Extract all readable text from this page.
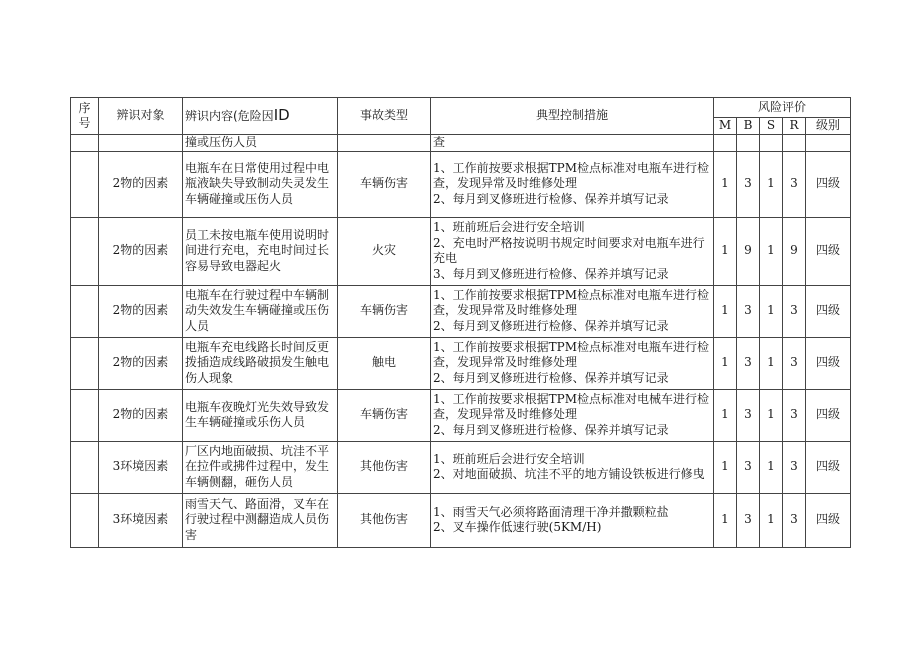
序号	辨识对象	辨识内容(危险因ID	事故类型	典型控制措施	风险评价				
					M	B	S	R	级别
		撞或压伤人员		查					
	2物的因素	电瓶车在日常使用过程中电瓶液缺失导致制动失灵发生车辆碰撞或压伤人员	车辆伤害	1、工作前按要求根据TPM检点标准对电瓶车进行检查，发现异常及时维修处理
2、每月到叉修班进行检修、保养并填写记录	1	3	1	3	四级
	2物的因素	员工未按电瓶车使用说明时间进行充电，充电时间过长容易导致电器起火	火灾	1、班前班后会进行安全培训
2、充电时严格按说明书规定时间要求对电瓶车进行充电
3、每月到叉修班进行检修、保养并填写记录	1	9	1	9	四级
	2物的因素	电瓶车在行驶过程中车辆制动失效发生车辆碰撞或压伤人员	车辆伤害	1、工作前按要求根据TPM检点标准对电瓶车进行检查，发现异常及时维修处理
2、每月到叉修班进行检修、保养并填写记录	1	3	1	3	四级
	2物的因素	电瓶车充电线路长时间反更拨插造成线路破损发生触电伤人现象	触电	1、工作前按要求根据TPM检点标准对电瓶车进行检查，发现异常及时维修处理
2、每月到叉修班进行检修、保养并填写记录	1	3	1	3	四级
	2物的因素	电瓶车夜晚灯光失效导致发生车辆碰撞或乐伤人员	车辆伤害	1、工作前按要求根据TPM检点标准对电械车进行检查，发现异常及时维修处理
2、每月到叉修班进行检修、保养并填写记录	1	3	1	3	四级
	3环境因素	厂区内地面破损、坑洼不平在拉件或拂件过程中，发生车辆侧翻，砸伤人员	其他伤害	1、班前班后会进行安全培训
2、对地面破损、坑洼不平的地方铺设铁板进行修曳	1	3	1	3	四级
	3环境因素	雨雪天气、路面滑，叉车在行驶过程中测翻造成人员伤害	其他伤害	1、雨雪天气必须将路面清理干净并撒颗粒盐
2、叉车操作低速行驶(5KM/H)	1	3	1	3	四级
